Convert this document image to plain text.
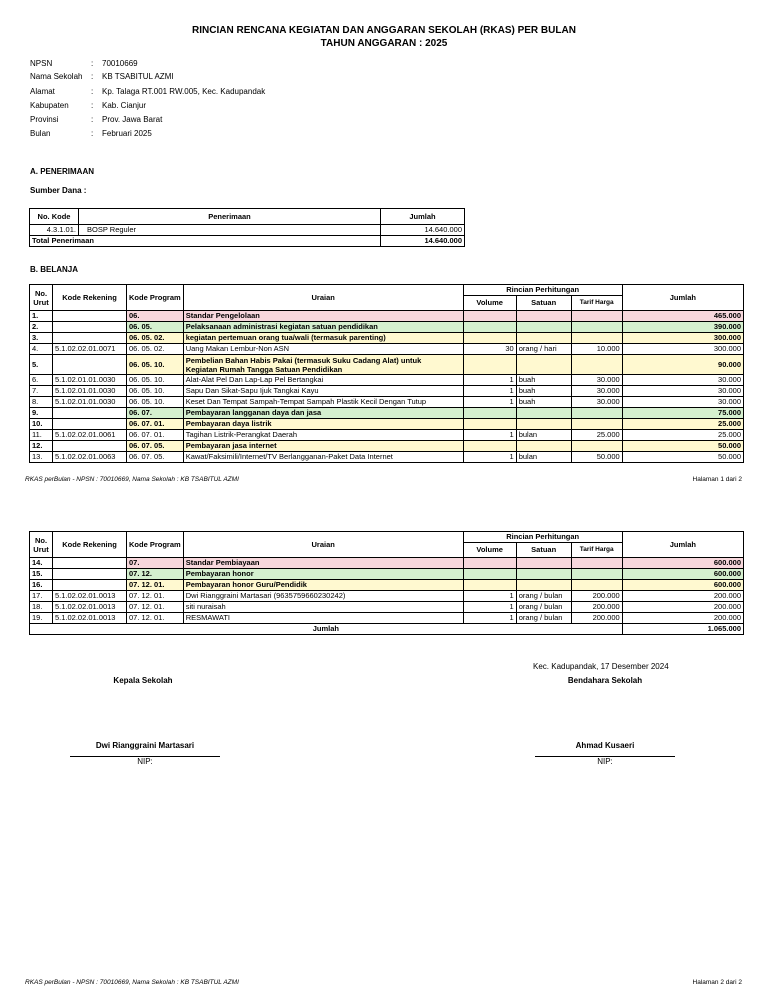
RINCIAN RENCANA KEGIATAN DAN ANGGARAN SEKOLAH (RKAS) PER BULAN
TAHUN ANGGARAN : 2025
NPSN	: 70010669
Nama Sekolah	: KB TSABITUL AZMI
Alamat	: Kp. Talaga RT.001 RW.005, Kec. Kadupandak
Kabupaten	: Kab. Cianjur
Provinsi	: Prov. Jawa Barat
Bulan	: Februari 2025
A. PENERIMAAN
Sumber Dana :
No. Kode	Penerimaan	Jumlah
4.3.1.01.	BOSP Reguler	14.640.000
Total Penerimaan		14.640.000
B. BELANJA
No. Urut	Kode Rekening	Kode Program	Uraian	Rincian Perhitungan			Jumlah
				Volume	Satuan	Tarif Harga	
1.		06.	Standar Pengelolaan				465.000
2.		06. 05.	Pelaksanaan administrasi kegiatan satuan pendidikan				390.000
3.		06. 05. 02.	kegiatan pertemuan orang tua/wali (termasuk parenting)				300.000
4.	5.1.02.02.01.0071	06. 05. 02.	Uang Makan Lembur-Non ASN	30	orang / hari	10.000	300.000
5.		06. 05. 10.	Pembelian Bahan Habis Pakai (termasuk Suku Cadang Alat) untuk
Kegiatan Rumah Tangga Satuan Pendidikan				90.000
6.	5.1.02.01.01.0030	06. 05. 10.	Alat-Alat Pel Dan Lap-Lap Pel Bertangkai	1	buah	30.000	30.000
7.	5.1.02.01.01.0030	06. 05. 10.	Sapu Dan Sikat-Sapu Ijuk Tangkai Kayu	1	buah	30.000	30.000
8.	5.1.02.01.01.0030	06. 05. 10.	Keset Dan Tempat Sampah-Tempat Sampah Plastik Kecil Dengan Tutup	1	buah	30.000	30.000
9.		06. 07.	Pembayaran langganan daya dan jasa				75.000
10.		06. 07. 01.	Pembayaran daya listrik				25.000
11.	5.1.02.02.01.0061	06. 07. 01.	Tagihan Listrik-Perangkat Daerah	1	bulan	25.000	25.000
12.		06. 07. 05.	Pembayaran jasa internet				50.000
13.	5.1.02.02.01.0063	06. 07. 05.	Kawat/Faksimili/Internet/TV Berlangganan-Paket Data Internet	1	bulan	50.000	50.000
RKAS perBulan - NPSN : 70010669, Nama Sekolah : KB TSABITUL AZMI	Halaman 1 dari 2
No. Urut	Kode Rekening	Kode Program	Uraian	Rincian Perhitungan			Jumlah
				Volume	Satuan	Tarif Harga	
14.		07.	Standar Pembiayaan				600.000
15.		07. 12.	Pembayaran honor				600.000
16.		07. 12. 01.	Pembayaran honor Guru/Pendidik				600.000
17.	5.1.02.02.01.0013	07. 12. 01.	Dwi Rianggraini Martasari (9635759660230242)	1	orang / bulan	200.000	200.000
18.	5.1.02.02.01.0013	07. 12. 01.	siti nuraisah	1	orang / bulan	200.000	200.000
19.	5.1.02.02.01.0013	07. 12. 01.	RESMAWATI	1	orang / bulan	200.000	200.000
Jumlah							1.065.000
Kec. Kadupandak, 17 Desember 2024
Kepala Sekolah	Bendahara Sekolah
Dwi Rianggraini Martasari
NIP:
Ahmad Kusaeri
NIP:
RKAS perBulan - NPSN : 70010669, Nama Sekolah : KB TSABITUL AZMI	Halaman 2 dari 2
